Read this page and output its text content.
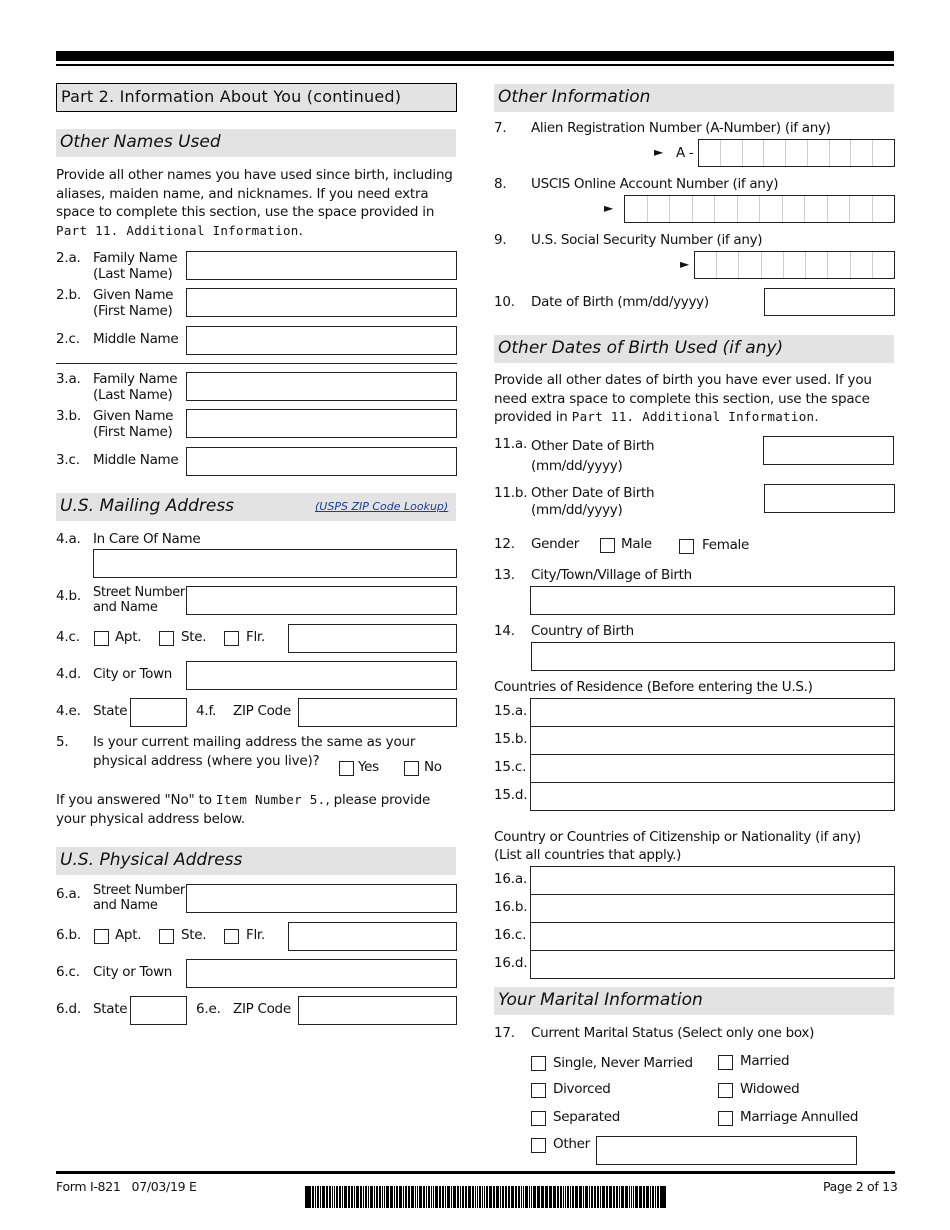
Part 2. Information About You (continued)
Other Names Used
Provide all other names you have used since birth, including aliases, maiden name, and nicknames. If you need extra space to complete this section, use the space provided in Part 11. Additional Information.
2.a. Family Name
(Last Name)
2.b. Given Name
(First Name)
2.c. Middle Name
3.a. Family Name
(Last Name)
3.b. Given Name
(First Name)
3.c. Middle Name
U.S. Mailing Address	(USPS ZIP Code Lookup)
4.a. In Care Of Name
4.b. Street Number
and Name
4.c.	Apt.	Ste.	Flr.
4.d. City or Town
4.e. State	4.f. ZIP Code
5. Is your current mailing address the same as your physical address (where you live)?	Yes	No
If you answered "No" to Item Number 5., please provide your physical address below.
U.S. Physical Address
6.a. Street Number
and Name
6.b.	Apt.	Ste.	Flr.
6.c. City or Town
6.d. State	6.e. ZIP Code
Other Information
7. Alien Registration Number (A-Number) (if any)
► A -
8. USCIS Online Account Number (if any)
►
9. U.S. Social Security Number (if any)
►
10. Date of Birth (mm/dd/yyyy)
Other Dates of Birth Used (if any)
Provide all other dates of birth you have ever used. If you need extra space to complete this section, use the space provided in Part 11. Additional Information.
11.a. Other Date of Birth
(mm/dd/yyyy)
11.b. Other Date of Birth
(mm/dd/yyyy)
12. Gender	Male	Female
13. City/Town/Village of Birth
14. Country of Birth
Countries of Residence (Before entering the U.S.)
15.a.
15.b.
15.c.
15.d.
Country or Countries of Citizenship or Nationality (if any)
(List all countries that apply.)
16.a.
16.b.
16.c.
16.d.
Your Marital Information
17. Current Marital Status (Select only one box)
Single, Never Married	Married
Divorced	Widowed
Separated	Marriage Annulled
Other
Form I-821   07/03/19 E	Page 2 of 13
